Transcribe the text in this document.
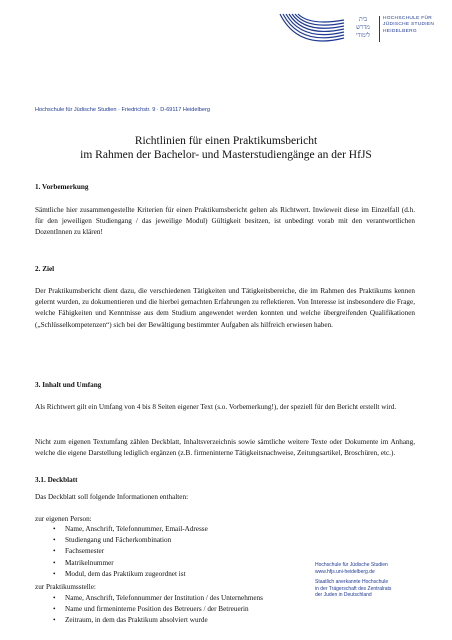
בית
מדרש
לימודי
HOCHSCHULE FÜR
JÜDISCHE STUDIEN
HEIDELBERG
Hochschule für Jüdische Studien · Friedrichstr. 9 · D-69117 Heidelberg
Richtlinien für einen Praktikumsbericht
im Rahmen der Bachelor- und Masterstudiengänge an der HfJS
1. Vorbemerkung
Sämtliche hier zusammengestellte Kriterien für einen Praktikumsbericht gelten als Richtwert. Inwieweit diese im Einzelfall (d.h. für den jeweiligen Studiengang / das jeweilige Modul) Gültigkeit besitzen, ist unbedingt vorab mit den verantwortlichen DozentInnen zu klären!
2. Ziel
Der Praktikumsbericht dient dazu, die verschiedenen Tätigkeiten und Tätigkeitsbereiche, die im Rahmen des Praktikums kennen gelernt wurden, zu dokumentieren und die hierbei gemachten Erfahrungen zu reflektieren. Von Interesse ist insbesondere die Frage, welche Fähigkeiten und Kenntnisse aus dem Studium angewendet werden konnten und welche übergreifenden Qualifikationen („Schlüsselkompetenzen“) sich bei der Bewältigung bestimmter Aufgaben als hilfreich erwiesen haben.
3. Inhalt und Umfang
Als Richtwert gilt ein Umfang von 4 bis 8 Seiten eigener Text (s.o. Vorbemerkung!), der speziell für den Bericht erstellt wird.
Nicht zum eigenen Textumfang zählen Deckblatt, Inhaltsverzeichnis sowie sämtliche weitere Texte oder Dokumente im Anhang, welche die eigene Darstellung lediglich ergänzen (z.B. firmeninterne Tätigkeitsnachweise, Zeitungsartikel, Broschüren, etc.).
3.1. Deckblatt
Das Deckblatt soll folgende Informationen enthalten:
zur eigenen Person:
• Name, Anschrift, Telefonnummer, Email-Adresse
• Studiengang und Fächerkombination
• Fachsemester
• Matrikelnummer
• Modul, dem das Praktikum zugeordnet ist
zur Praktikumsstelle:
• Name, Anschrift, Telefonnummer der Institution / des Unternehmens
• Name und firmeninterne Position des Betreuers / der Betreuerin
• Zeitraum, in dem das Praktikum absolviert wurde
Hochschule für Jüdische Studien
www.hfjs.uni-heidelberg.de
Staatlich anerkannte Hochschule
in der Trägerschaft des Zentralrats
der Juden in Deutschland
